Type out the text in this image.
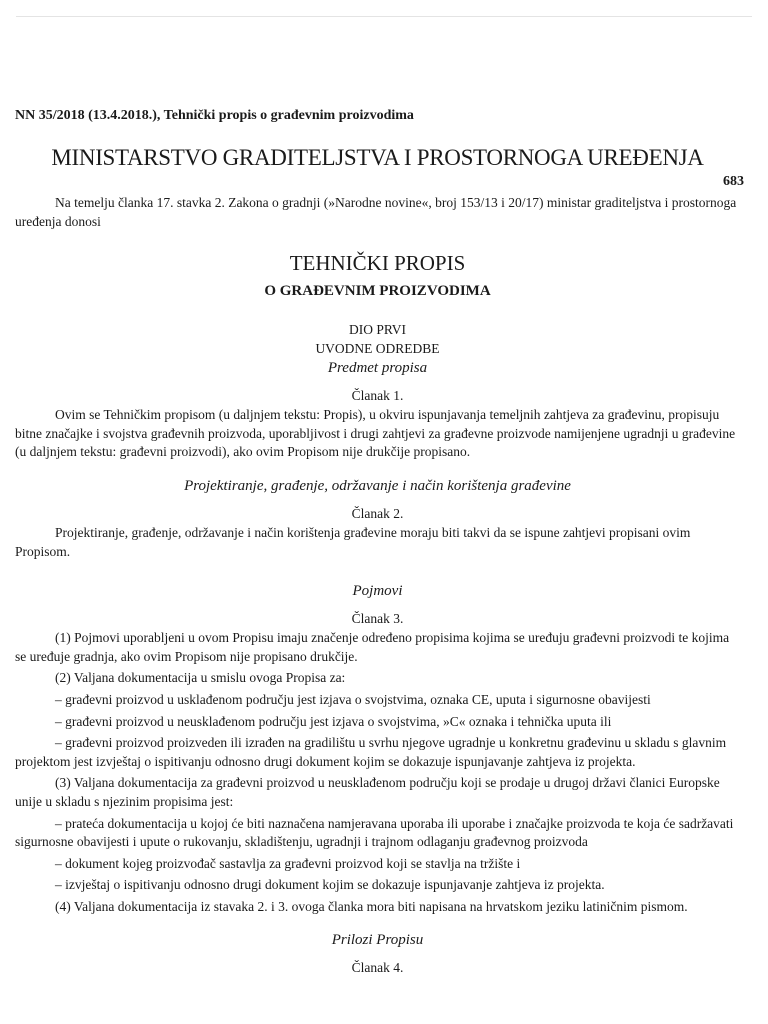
NN 35/2018 (13.4.2018.), Tehnički propis o građevnim proizvodima

MINISTARSTVO GRADITELJSTVA I PROSTORNOGA UREĐENJA
683

Na temelju članka 17. stavka 2. Zakona o gradnji (»Narodne novine«, broj 153/13 i 20/17) ministar graditeljstva i prostornoga uređenja donosi

TEHNIČKI PROPIS
O GRAĐEVNIM PROIZVODIMA
DIO PRVI
UVODNE ODREDBE
Predmet propisa
Članak 1.

Ovim se Tehničkim propisom (u daljnjem tekstu: Propis), u okviru ispunjavanja temeljnih zahtjeva za građevinu, propisuju bitne značajke i svojstva građevnih proizvoda, uporabljivost i drugi zahtjevi za građevne proizvode namijenjene ugradnji u građevine (u daljnjem tekstu: građevni proizvodi), ako ovim Propisom nije drukčije propisano.

Projektiranje, građenje, održavanje i način korištenja građevine
Članak 2.

Projektiranje, građenje, održavanje i način korištenja građevine moraju biti takvi da se ispune zahtjevi propisani ovim Propisom.

Pojmovi
Članak 3.

(1) Pojmovi uporabljeni u ovom Propisu imaju značenje određeno propisima kojima se uređuju građevni proizvodi te kojima se uređuje gradnja, ako ovim Propisom nije propisano drukčije.

(2) Valjana dokumentacija u smislu ovoga Propisa za:

– građevni proizvod u usklađenom području jest izjava o svojstvima, oznaka CE, uputa i sigurnosne obavijesti

– građevni proizvod u neusklađenom području jest izjava o svojstvima, »C« oznaka i tehnička uputa ili

– građevni proizvod proizveden ili izrađen na gradilištu u svrhu njegove ugradnje u konkretnu građevinu u skladu s glavnim projektom jest izvještaj o ispitivanju odnosno drugi dokument kojim se dokazuje ispunjavanje zahtjeva iz projekta.

(3) Valjana dokumentacija za građevni proizvod u neusklađenom području koji se prodaje u drugoj državi članici Europske unije u skladu s njezinim propisima jest:

– prateća dokumentacija u kojoj će biti naznačena namjeravana uporaba ili uporabe i značajke proizvoda te koja će sadržavati sigurnosne obavijesti i upute o rukovanju, skladištenju, ugradnji i trajnom odlaganju građevnog proizvoda

– dokument kojeg proizvođač sastavlja za građevni proizvod koji se stavlja na tržište i

– izvještaj o ispitivanju odnosno drugi dokument kojim se dokazuje ispunjavanje zahtjeva iz projekta.

(4) Valjana dokumentacija iz stavaka 2. i 3. ovoga članka mora biti napisana na hrvatskom jeziku latiničnim pismom.

Prilozi Propisu
Članak 4.
